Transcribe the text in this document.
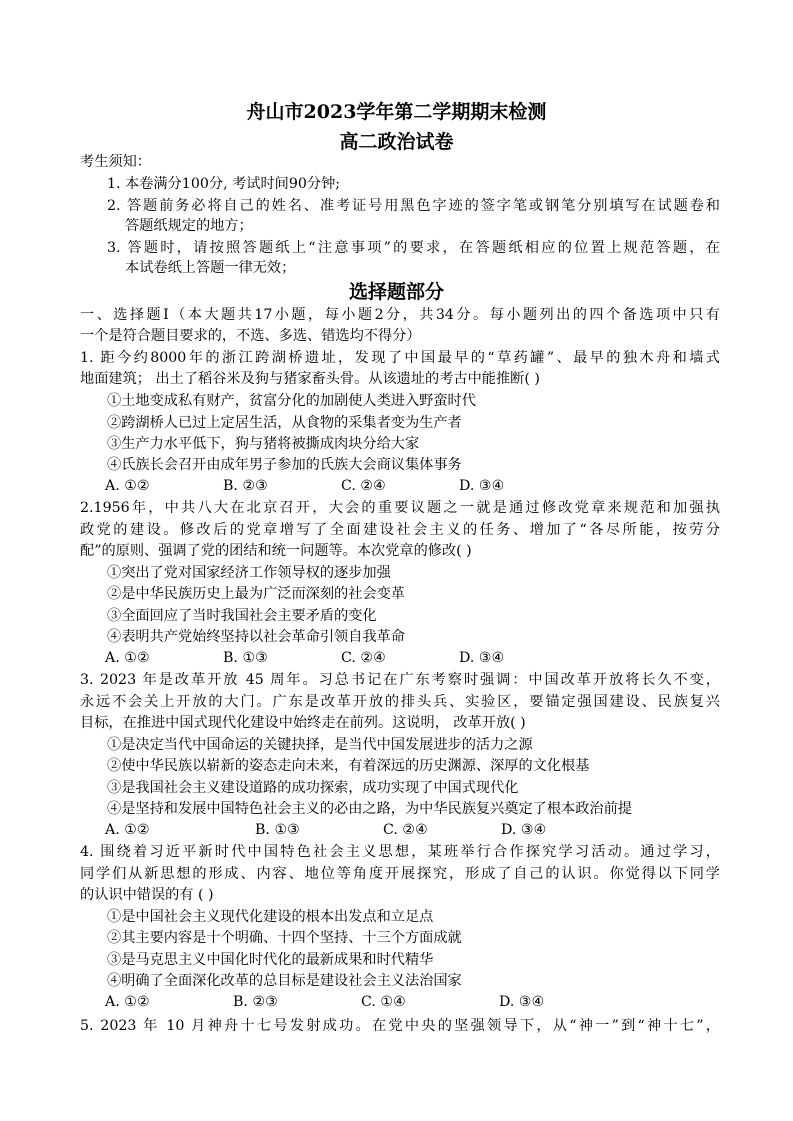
舟山市2023学年第二学期期末检测
高二政治试卷

考生须知：

1. 本卷满分100分, 考试时间90分钟;

2. 答题前务必将自己的姓名、准考证号用黑色字迹的签字笔或钢笔分别填写在试题卷和

答题纸规定的地方；

3. 答题时，请按照答题纸上“注意事项”的要求，在答题纸相应的位置上规范答题，在

本试卷纸上答题一律无效；

选择题部分

一、选择题Ⅰ（本大题共17小题，每小题2分，共34分。每小题列出的四个备选项中只有

一个是符合题目要求的，不选、多选、错选均不得分）

1. 距今约8000年的浙江跨湖桥遗址，发现了中国最早的“草药罐”、最早的独木舟和墙式

地面建筑； 出土了稻谷米及狗与猪家畜头骨。从该遗址的考古中能推断( )

①土地变成私有财产，贫富分化的加剧使人类进入野蛮时代

②跨湖桥人已过上定居生活，从食物的采集者变为生产者

③生产力水平低下，狗与猪将被撕成肉块分给大家

④氏族长会召开由成年男子参加的氏族大会商议集体事务

A. ①②	B. ②③	C. ②④	D. ③④

2.1956年，中共八大在北京召开，大会的重要议题之一就是通过修改党章来规范和加强执

政党的建设。修改后的党章增写了全面建设社会主义的任务、增加了“各尽所能，按劳分

配”的原则、强调了党的团结和统一问题等。本次党章的修改( )

①突出了党对国家经济工作领导权的逐步加强

②是中华民族历史上最为广泛而深刻的社会变革

③全面回应了当时我国社会主要矛盾的变化

④表明共产党始终坚持以社会革命引领自我革命

A. ①②	B. ①③	C. ②④	D. ③④

3. 2023 年是改革开放 45 周年。习总书记在广东考察时强调：中国改革开放将长久不变，

永远不会关上开放的大门。广东是改革开放的排头兵、实验区，要锚定强国建设、民族复兴

目标，在推进中国式现代化建设中始终走在前列。这说明， 改革开放( )

①是决定当代中国命运的关键抉择，是当代中国发展进步的活力之源

②使中华民族以崭新的姿态走向未来，有着深远的历史渊源、深厚的文化根基

③是我国社会主义建设道路的成功探索，成功实现了中国式现代化

④是坚持和发展中国特色社会主义的必由之路，为中华民族复兴奠定了根本政治前提

A. ①②	B. ①③	C. ②④	D. ③④

4. 围绕着习近平新时代中国特色社会主义思想，某班举行合作探究学习活动。通过学习，

同学们从新思想的形成、内容、地位等角度开展探究，形成了自己的认识。你觉得以下同学

的认识中错误的有 ( )

①是中国社会主义现代化建设的根本出发点和立足点

②其主要内容是十个明确、十四个坚持、十三个方面成就

③是马克思主义中国化时代化的最新成果和时代精华

④明确了全面深化改革的总目标是建设社会主义法治国家

A. ①②	B. ②③	C. ①④	D. ③④

5. 2023 年 10 月神舟十七号发射成功。在党中央的坚强领导下，从“神一”到“神十七”，
